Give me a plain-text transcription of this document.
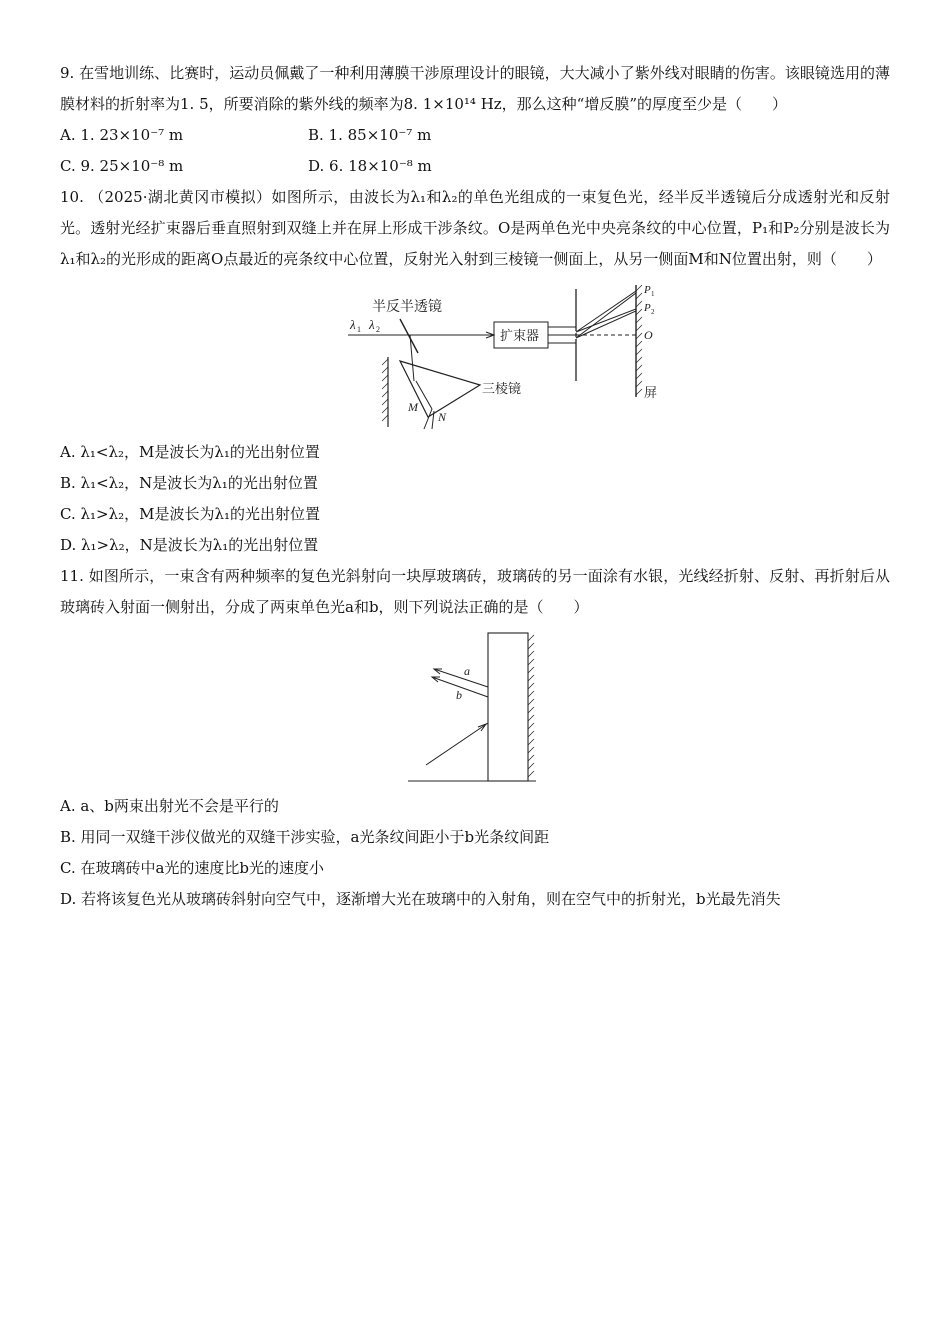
9. 在雪地训练、比赛时，运动员佩戴了一种利用薄膜干涉原理设计的眼镜，大大减小了紫外线对眼睛的伤害。该眼镜选用的薄膜材料的折射率为1. 5，所要消除的紫外线的频率为8. 1×10¹⁴ Hz，那么这种“增反膜”的厚度至少是（　　）

A. 1. 23×10⁻⁷ m	B. 1. 85×10⁻⁷ m
C. 9. 25×10⁻⁸ m	D. 6. 18×10⁻⁸ m

10. （2025·湖北黄冈市模拟）如图所示，由波长为λ₁和λ₂的单色光组成的一束复色光，经半反半透镜后分成透射光和反射光。透射光经扩束器后垂直照射到双缝上并在屏上形成干涉条纹。O是两单色光中央亮条纹的中心位置，P₁和P₂分别是波长为λ₁和λ₂的光形成的距离O点最近的亮条纹中心位置，反射光入射到三棱镜一侧面上，从另一侧面M和N位置出射，则（　　）

半反半透镜
λ 1 λ 2	扩束器
P 1
P 2
O
屏
三棱镜
M
N

A. λ₁<λ₂，M是波长为λ₁的光出射位置

B. λ₁<λ₂，N是波长为λ₁的光出射位置

C. λ₁>λ₂，M是波长为λ₁的光出射位置

D. λ₁>λ₂，N是波长为λ₁的光出射位置

11. 如图所示，一束含有两种频率的复色光斜射向一块厚玻璃砖，玻璃砖的另一面涂有水银，光线经折射、反射、再折射后从玻璃砖入射面一侧射出，分成了两束单色光a和b，则下列说法正确的是（　　）

a
b

A. a、b两束出射光不会是平行的

B. 用同一双缝干涉仪做光的双缝干涉实验，a光条纹间距小于b光条纹间距

C. 在玻璃砖中a光的速度比b光的速度小

D. 若将该复色光从玻璃砖斜射向空气中，逐渐增大光在玻璃中的入射角，则在空气中的折射光，b光最先消失
